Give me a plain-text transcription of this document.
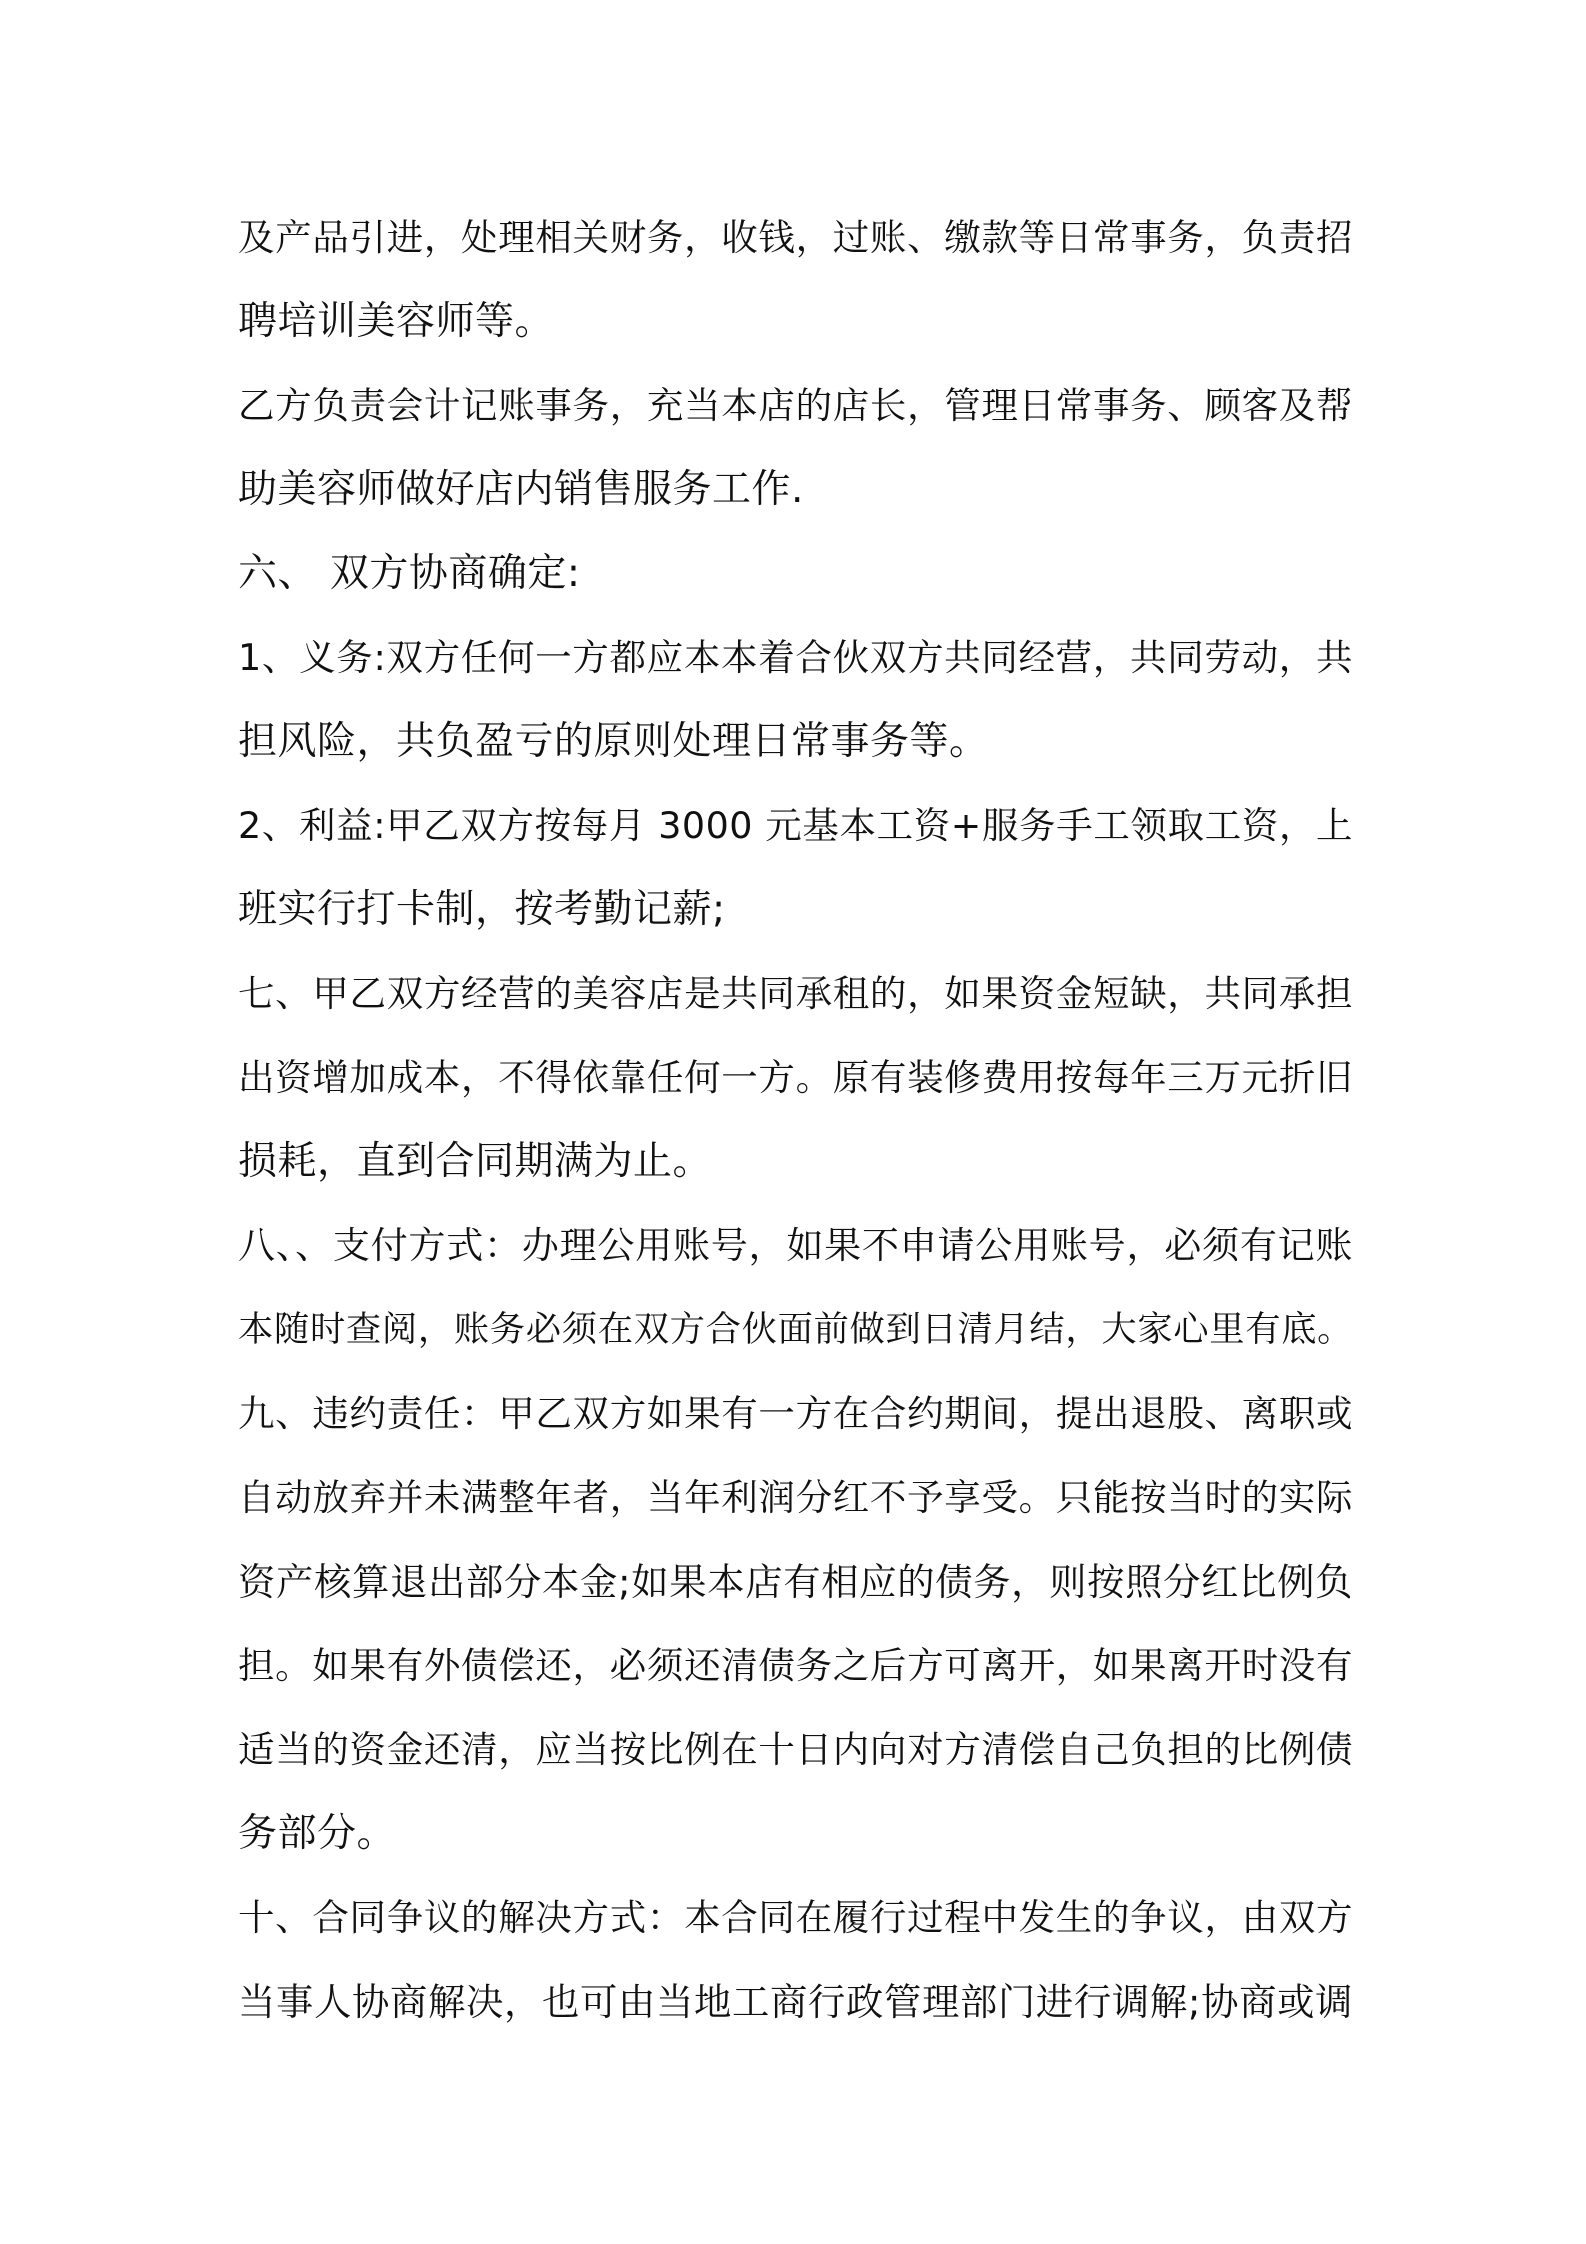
及产品引进，处理相关财务，收钱，过账、缴款等日常事务，负责招
聘培训美容师等。
乙方负责会计记账事务，充当本店的店长，管理日常事务、顾客及帮
助美容师做好店内销售服务工作.
六、 双方协商确定:
1、义务:双方任何一方都应本本着合伙双方共同经营，共同劳动，共
担风险，共负盈亏的原则处理日常事务等。
2、利益:甲乙双方按每月 3000 元基本工资+服务手工领取工资，上
班实行打卡制，按考勤记薪;
七、甲乙双方经营的美容店是共同承租的，如果资金短缺，共同承担
出资增加成本，不得依靠任何一方。原有装修费用按每年三万元折旧
损耗，直到合同期满为止。
八、、支付方式：办理公用账号，如果不申请公用账号，必须有记账
本随时查阅，账务必须在双方合伙面前做到日清月结，大家心里有底。
九、违约责任：甲乙双方如果有一方在合约期间，提出退股、离职或
自动放弃并未满整年者，当年利润分红不予享受。只能按当时的实际
资产核算退出部分本金;如果本店有相应的债务，则按照分红比例负
担。如果有外债偿还，必须还清债务之后方可离开，如果离开时没有
适当的资金还清，应当按比例在十日内向对方清偿自己负担的比例债
务部分。
十、合同争议的解决方式：本合同在履行过程中发生的争议，由双方
当事人协商解决，也可由当地工商行政管理部门进行调解;协商或调
